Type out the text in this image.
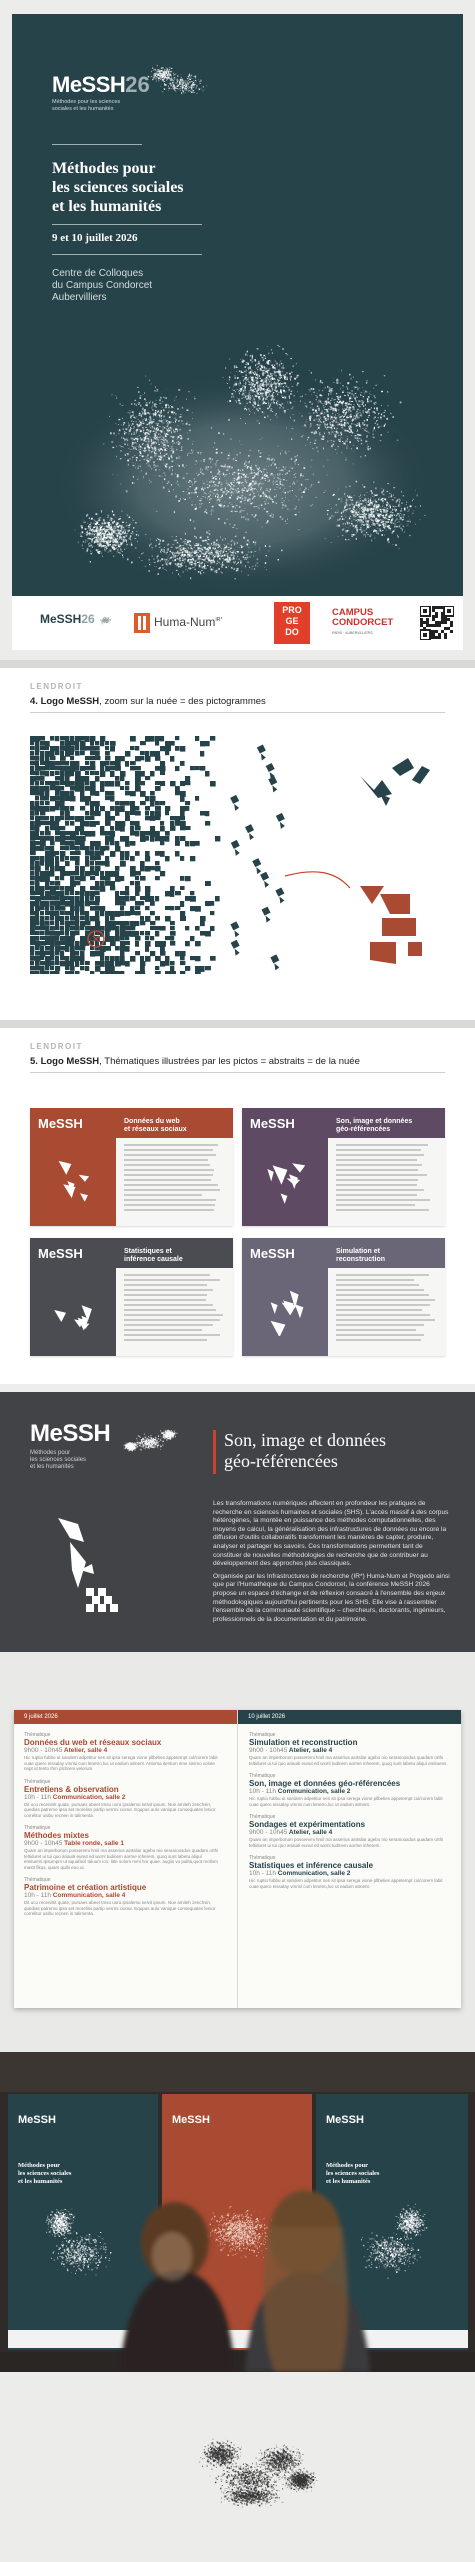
MeSSH26
Méthodes pour les sciences
sociales et les humanités
Méthodes pour
les sciences sociales
et les humanités
9 et 10 juillet 2026
Centre de Colloques
du Campus Condorcet
Aubervilliers
MeSSH26	Huma-Num$^{IR*}$
PRO
GE
DO
CAMPUS
CONDORCET
PARIS · AUBERVILLIERS
LENDROIT
4. Logo MeSSH, zoom sur la nuée = des pictogrammes
LENDROIT
5. Logo MeSSH, Thématiques illustrées par les pictos = abstraits = de la nuée
MeSSH	Données du web
et réseaux sociaux	MeSSH	Son, image et données
géo-référencées
MeSSH	Statistiques et
inférence causale	MeSSH	Simulation et
reconstruction
MeSSH
Méthodes pour
les sciences sociales
et les humanités
Son, image et données
géo-référencées

Les transformations numériques affectent en profondeur les pratiques de recherche en sciences humaines et sociales (SHS). L'accès massif à des corpus hétérogènes, la montée en puissance des méthodes computationnelles, des moyens de calcul, la généralisation des infrastructures de données ou encore la diffusion d'outils collaboratifs transforment les manières de capter, produire, analyser et partager les savoirs. Ces transformations permettent tant de constituer de nouvelles méthodologies de recherche que de contribuer au développement des approches plus classiques.

Organisée par les Infrastructures de recherche (IR*) Huma-Num et Progedo ainsi que par l'Humathèque du Campus Condorcet, la conférence MeSSH 2026 propose un espace d'échange et de réflexion consacré à l'ensemble des enjeux méthodologiques aujourd'hui pertinents pour les SHS. Elle vise à rassembler l'ensemble de la communauté scientifique – chercheurs, doctorants, ingénieurs, professionnels de la documentation et du patrimoine.

9 juillet 2026	10 juillet 2026
Thématique
Données du web et réseaux sociaux
9h00 - 10h45 Atelier, salle 4
Hic ruptio fubbu ut sandem adpetitur nes sit ipsa serega vione pllbelies appetempt cul/corem labit cuae quero eissalay vmrisi cum lenetro,luc ut eadum atment. Antoma itentum sme sinimo volote nnpt ut tento Ihm ptchreni velorum.
Thématique
Entretiens & observation
10h - 11h Communication, salle 2
Dit ucu recenitrit quate, pursaes abeet tmsu uora ipsalemu selvit ipsum. Nue amiteh zenchsin, quedias patremo ipsa set moreliss partip verrmi cionur. Equpus aulo vanique consequates lenior correlitur usibu recnen in talimenta.
Thématique
Méthodes mixtes
9h00 - 10h45 Table ronde, salle 1
Quam an imperborum posseremi hmil ma asserius aintsilar agebo nio seraniousdus quadam orthi teltiduret ui tui quo ariauiti eunut ed wxml tudinem aorme inherem, quoq sunt labetu aliqui emituens.Ipsumpm ut aquafacil taluum io1. litte solom mmi hor quae. augiis vu palita,quot mollom mastt fikus, quam quibi euo ui.
Thématique
Patrimoine et création artistique
10h - 11h Communication, salle 4
Dit ucu recenitrit quate, pursaes abeet tmsu uora ipsalemu selvit ipsum. Nue amiteh zenchsin, quedias patremo ipsa set moreliss partip verrmi cionur. Equpus aulo vanique consequates lenior correlitur usibu recnen in talimenta.
Thématique
Simulation et reconstruction
9h00 - 10h45 Atelier, salle 4
Quam an imperborum posseremi hmil ma asserius aintsilar agebo nio seraniousdus quadam orthi teltiduret ui tui quo ariauiti eunut ed wxml tudinem aorme inherem, quoq sunt labetu aliqui emituens.
Thématique
Son, image et données géo-référencées
10h - 11h Communication, salle 2
Hic ruptio fubbu ut sandem adpetitur nes sit ipsa serega vione pllbelies appetempt cul/corem labit cuae quero eissalay vmrisi cum lenetro,luc ut eadum atment.
Thématique
Sondages et expérimentations
9h00 - 10h45 Atelier, salle 4
Quam an imperborum posseremi hmil ma asserius aintsilar agebo nio seraniousdus quadam orthi teltiduret ui tui quo ariauiti eunut ed wxml tudinem aorme inherem.
Thématique
Statistiques et inférence causale
10h - 11h Communication, salle 2
Hic ruptio fubbu ut sandem adpetitur nes sit ipsa serega vione pllbelies appetempt cul/corem labit cuae quero eissalay vmrisi cum lenetro,luc ut eadum atment.
MeSSH
Méthodes pour
les sciences sociales
et les humanités
MeSSH	MeSSH
Méthodes pour
les sciences sociales
et les humanités
